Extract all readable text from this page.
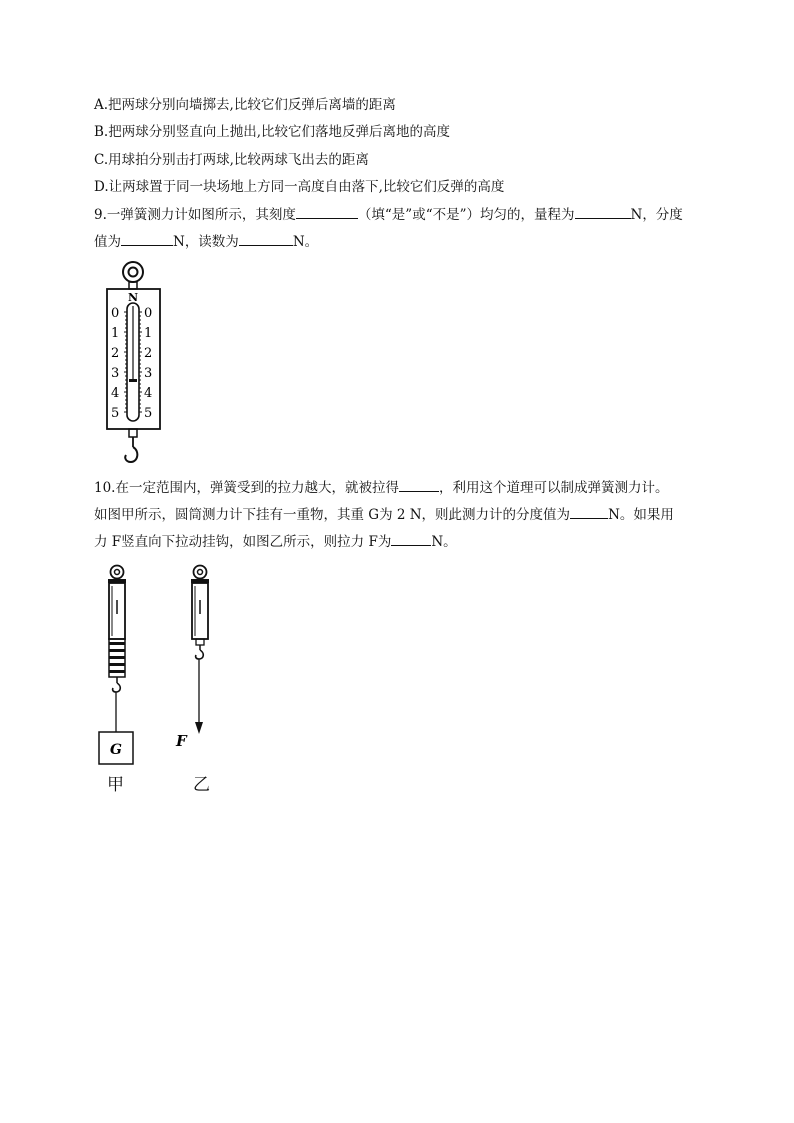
A.把两球分别向墙掷去,比较它们反弹后离墙的距离
B.把两球分别竖直向上抛出,比较它们落地反弹后离地的高度
C.用球拍分别击打两球,比较两球飞出去的距离
D.让两球置于同一块场地上方同一高度自由落下,比较它们反弹的高度
9.一弹簧测力计如图所示，其刻度	（填“是”或“不是”）均匀的，量程为	N，分度
值为	N，读数为	N。
N
0
1
2
3
4
5
0
1
2
3
4
5
10.在一定范围内，弹簧受到的拉力越大，就被拉得	，利用这个道理可以制成弹簧测力计。
如图甲所示，圆筒测力计下挂有一重物，其重 G为 2 N，则此测力计的分度值为	N。如果用
力 F竖直向下拉动挂钩，如图乙所示，则拉力 F为	N。
G	F
甲	乙
